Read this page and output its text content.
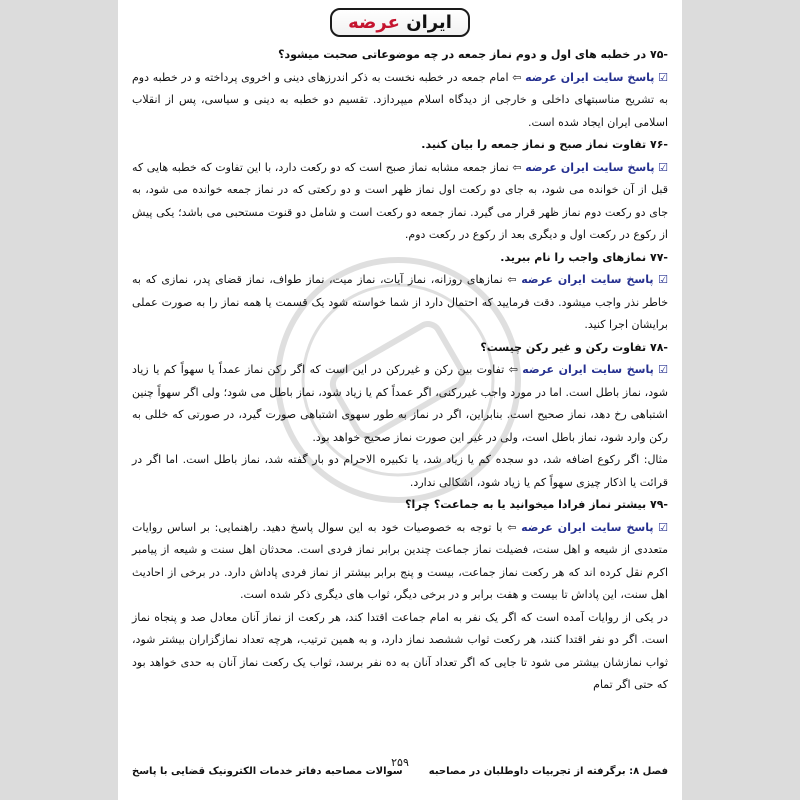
ایران عرضه

-۷۵ در خطبه های اول و دوم نماز جمعه در چه موضوعاتی صحبت میشود؟

☑ پاسخ سایت ایران عرضه ⇦ امام جمعه در خطبه نخست به ذکر اندرزهای دینی و اخروی پرداخته و در خطبه دوم به تشریح مناسبتهای داخلی و خارجی از دیدگاه اسلام میپردازد. تقسیم دو خطبه به دینی و سیاسی، پس از انقلاب اسلامی ایران ایجاد شده است.

-۷۶ تفاوت نماز صبح و نماز جمعه را بیان کنید.

☑ پاسخ سایت ایران عرضه ⇦ نماز جمعه مشابه نماز صبح است که دو رکعت دارد، با این تفاوت که خطبه هایی که قبل از آن خوانده می شود، به جای دو رکعت اول نماز ظهر است و دو رکعتی که در نماز جمعه خوانده می شود، به جای دو رکعت دوم نماز ظهر قرار می گیرد. نماز جمعه دو رکعت است و شامل دو قنوت مستحبی می باشد؛ یکی پیش از رکوع در رکعت اول و دیگری بعد از رکوع در رکعت دوم.

-۷۷ نمازهای واجب را نام ببرید.

☑ پاسخ سایت ایران عرضه ⇦ نمازهای روزانه، نماز آیات، نماز میت، نماز طواف، نماز قضای پدر، نمازی که به خاطر نذر واجب میشود. دقت فرمایید که احتمال دارد از شما خواسته شود یک قسمت یا همه نماز را به صورت عملی برایشان اجرا کنید.

-۷۸ تفاوت رکن و غیر رکن چیست؟

☑ پاسخ سایت ایران عرضه ⇦ تفاوت بین رکن و غیررکن در این است که اگر رکن نماز عمداً یا سهواً کم یا زیاد شود، نماز باطل است. اما در مورد واجب غیررکنی، اگر عمداً کم یا زیاد شود، نماز باطل می شود؛ ولی اگر سهواً چنین اشتباهی رخ دهد، نماز صحیح است. بنابراین، اگر در نماز به طور سهوی اشتباهی صورت گیرد، در صورتی که خللی به رکن وارد شود، نماز باطل است، ولی در غیر این صورت نماز صحیح خواهد بود.

مثال: اگر رکوع اضافه شد، دو سجده کم یا زیاد شد، یا تکبیره الاحرام دو بار گفته شد، نماز باطل است. اما اگر در قرائت یا اذکار چیزی سهواً کم یا زیاد شود، اشکالی ندارد.

-۷۹ بیشتر نماز فرادا میخوانید یا به جماعت؟ چرا؟

☑ پاسخ سایت ایران عرضه ⇦ با توجه به خصوصیات خود به این سوال پاسخ دهید. راهنمایی: بر اساس روایات متعددی از شیعه و اهل سنت، فضیلت نماز جماعت چندین برابر نماز فردی است. محدثان اهل سنت و شیعه از پیامبر اکرم نقل کرده اند که هر رکعت نماز جماعت، بیست و پنج برابر بیشتر از نماز فردی پاداش دارد. در برخی از احادیث اهل سنت، این پاداش تا بیست و هفت برابر و در برخی دیگر، ثواب های دیگری ذکر شده است.

در یکی از روایات آمده است که اگر یک نفر به امام جماعت اقتدا کند، هر رکعت از نماز آنان معادل صد و پنجاه نماز است. اگر دو نفر اقتدا کنند، هر رکعت ثواب ششصد نماز دارد، و به همین ترتیب، هرچه تعداد نمازگزاران بیشتر شود، ثواب نمازشان بیشتر می شود تا جایی که اگر تعداد آنان به ده نفر برسد، ثواب یک رکعت نماز آنان به حدی خواهد بود که حتی اگر تمام

فصل ۸: برگرفته از تجربیات داوطلبان در مصاحبه
۲۵۹
سوالات مصاحبه دفاتر خدمات الکترونیک قضایی با پاسخ
